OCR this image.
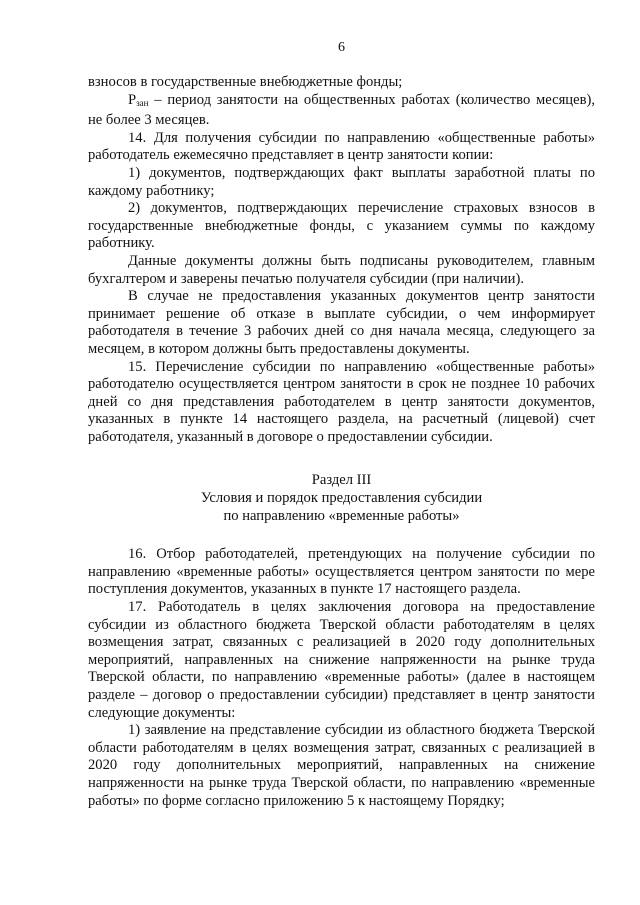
6

взносов в государственные внебюджетные фонды;

$P_{зан}$ – период занятости на общественных работах (количество месяцев), не более 3 месяцев.

14. Для получения субсидии по направлению «общественные работы» работодатель ежемесячно представляет в центр занятости копии:

1) документов, подтверждающих факт выплаты заработной платы по каждому работнику;

2) документов, подтверждающих перечисление страховых взносов в государственные внебюджетные фонды, с указанием суммы по каждому работнику.

Данные документы должны быть подписаны руководителем, главным бухгалтером и заверены печатью получателя субсидии (при наличии).

В случае не предоставления указанных документов центр занятости принимает решение об отказе в выплате субсидии, о чем информирует работодателя в течение 3 рабочих дней со дня начала месяца, следующего за месяцем, в котором должны быть предоставлены документы.

15. Перечисление субсидии по направлению «общественные работы» работодателю осуществляется центром занятости в срок не позднее 10 рабочих дней со дня представления работодателем в центр занятости документов, указанных в пункте 14 настоящего раздела, на расчетный (лицевой) счет работодателя, указанный в договоре о предоставлении субсидии.

Раздел III
Условия и порядок предоставления субсидии
по направлению «временные работы»

16. Отбор работодателей, претендующих на получение субсидии по направлению «временные работы» осуществляется центром занятости по мере поступления документов, указанных в пункте 17 настоящего раздела.

17. Работодатель в целях заключения договора на предоставление субсидии из областного бюджета Тверской области работодателям в целях возмещения затрат, связанных с реализацией в 2020 году дополнительных мероприятий, направленных на снижение напряженности на рынке труда Тверской области, по направлению «временные работы» (далее в настоящем разделе – договор о предоставлении субсидии) представляет в центр занятости следующие документы:

1) заявление на представление субсидии из областного бюджета Тверской области работодателям в целях возмещения затрат, связанных с реализацией в 2020 году дополнительных мероприятий, направленных на снижение напряженности на рынке труда Тверской области, по направлению «временные работы» по форме согласно приложению 5 к настоящему Порядку;
